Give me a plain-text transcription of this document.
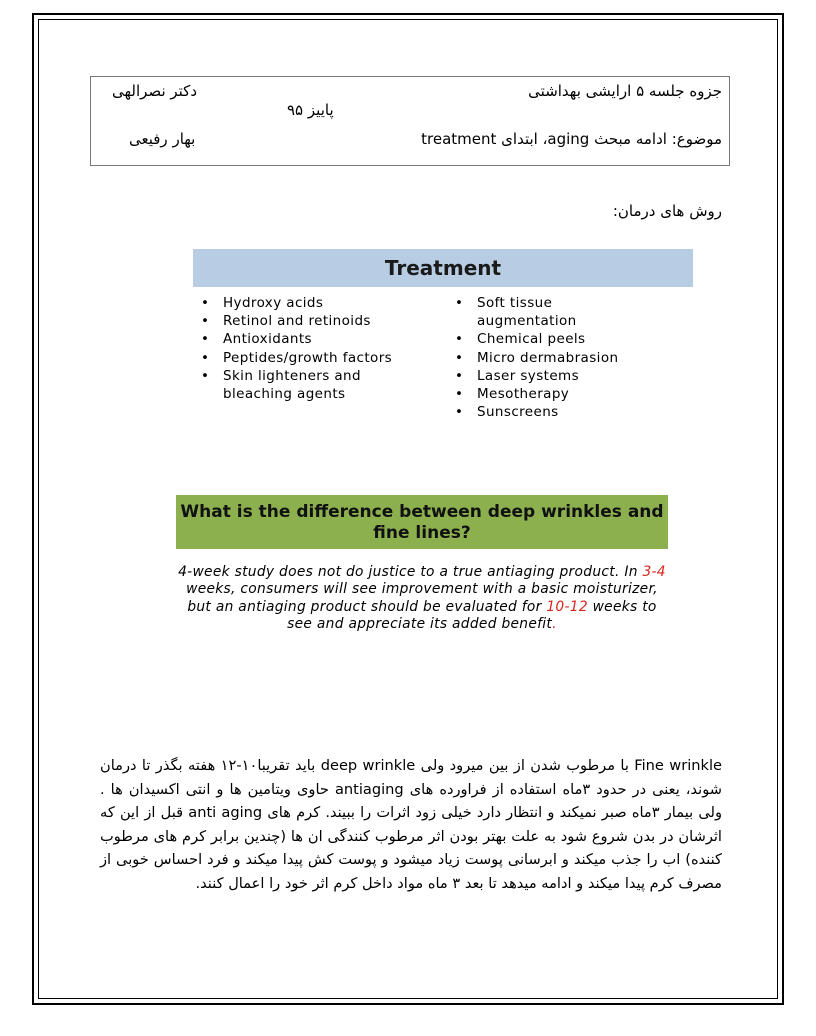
جزوه جلسه ۵ ارایشی بهداشتی
دکتر نصرالهی
پاییز ۹۵
موضوع: ادامه مبحث aging، ابتدای treatment
بهار رفیعی
روش های درمان:
Treatment
• Hydroxy acids
• Retinol and retinoids
• Antioxidants
• Peptides/growth factors
• Skin lighteners and bleaching agents
• Soft tissue augmentation
• Chemical peels
• Micro dermabrasion
• Laser systems
• Mesotherapy
• Sunscreens
What is the difference between deep wrinkles and fine lines?
4-week study does not do justice to a true antiaging product. In 3-4 weeks, consumers will see improvement with a basic moisturizer, but an antiaging product should be evaluated for 10-12 weeks to see and appreciate its added benefit.
Fine wrinkle با مرطوب شدن از بین میرود ولی deep wrinkle باید تقریبا۱۰-۱۲ هفته بگذر تا درمان شوند، یعنی در حدود ۳ماه استفاده از فراورده های antiaging حاوی ویتامین ها و انتی اکسیدان ها . ولی بیمار ۳ماه صبر نمیکند و انتظار دارد خیلی زود اثرات را ببیند. کرم های anti aging قبل از این که اثرشان در بدن شروع شود به علت بهتر بودن اثر مرطوب کنندگی ان ها (چندین برابر کرم های مرطوب کننده) اب را جذب میکند و ابرسانی پوست زیاد میشود و پوست کش پیدا میکند و فرد احساس خوبی از مصرف کرم پیدا میکند و ادامه میدهد تا بعد ۳ ماه مواد داخل کرم اثر خود را اعمال کنند.
